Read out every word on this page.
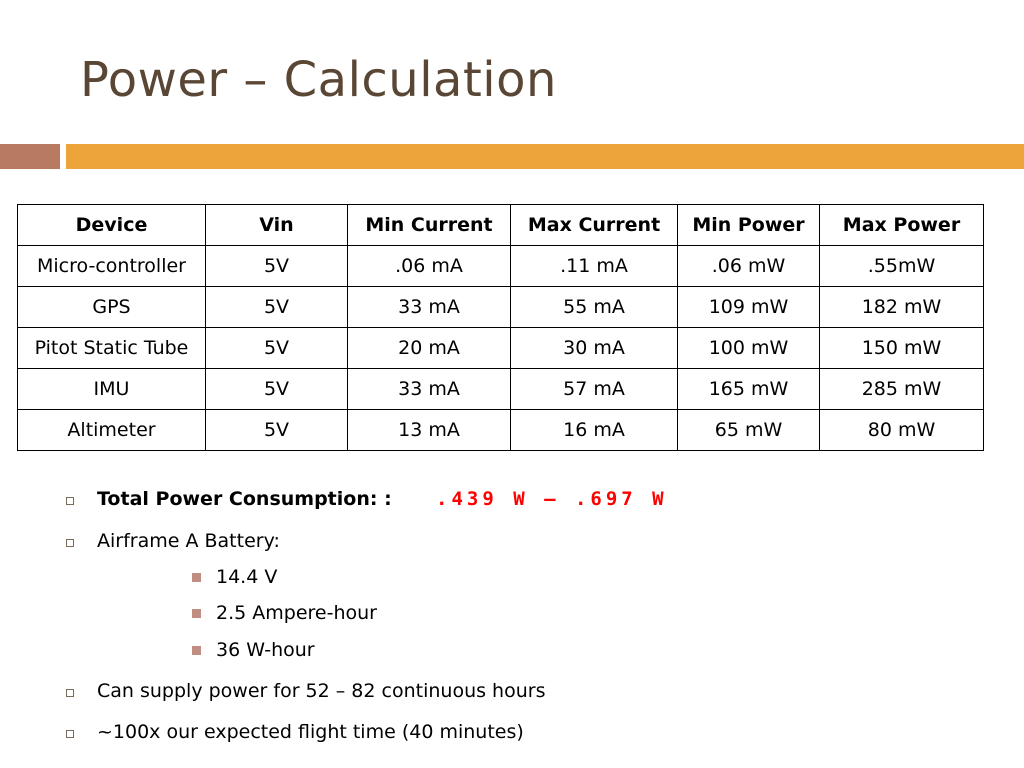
Power – Calculation
Device	Vin	Min Current	Max Current	Min Power	Max Power
Micro-controller	5V	.06 mA	.11 mA	.06 mW	.55mW
GPS	5V	33 mA	55 mA	109 mW	182 mW
Pitot Static Tube	5V	20 mA	30 mA	100 mW	150 mW
IMU	5V	33 mA	57 mA	165 mW	285 mW
Altimeter	5V	13 mA	16 mA	65 mW	80 mW
Total Power Consumption: : .439 W – .697 W
Airframe A Battery:
14.4 V
2.5 Ampere-hour
36 W-hour
Can supply power for 52 – 82 continuous hours
~100x our expected flight time (40 minutes)
